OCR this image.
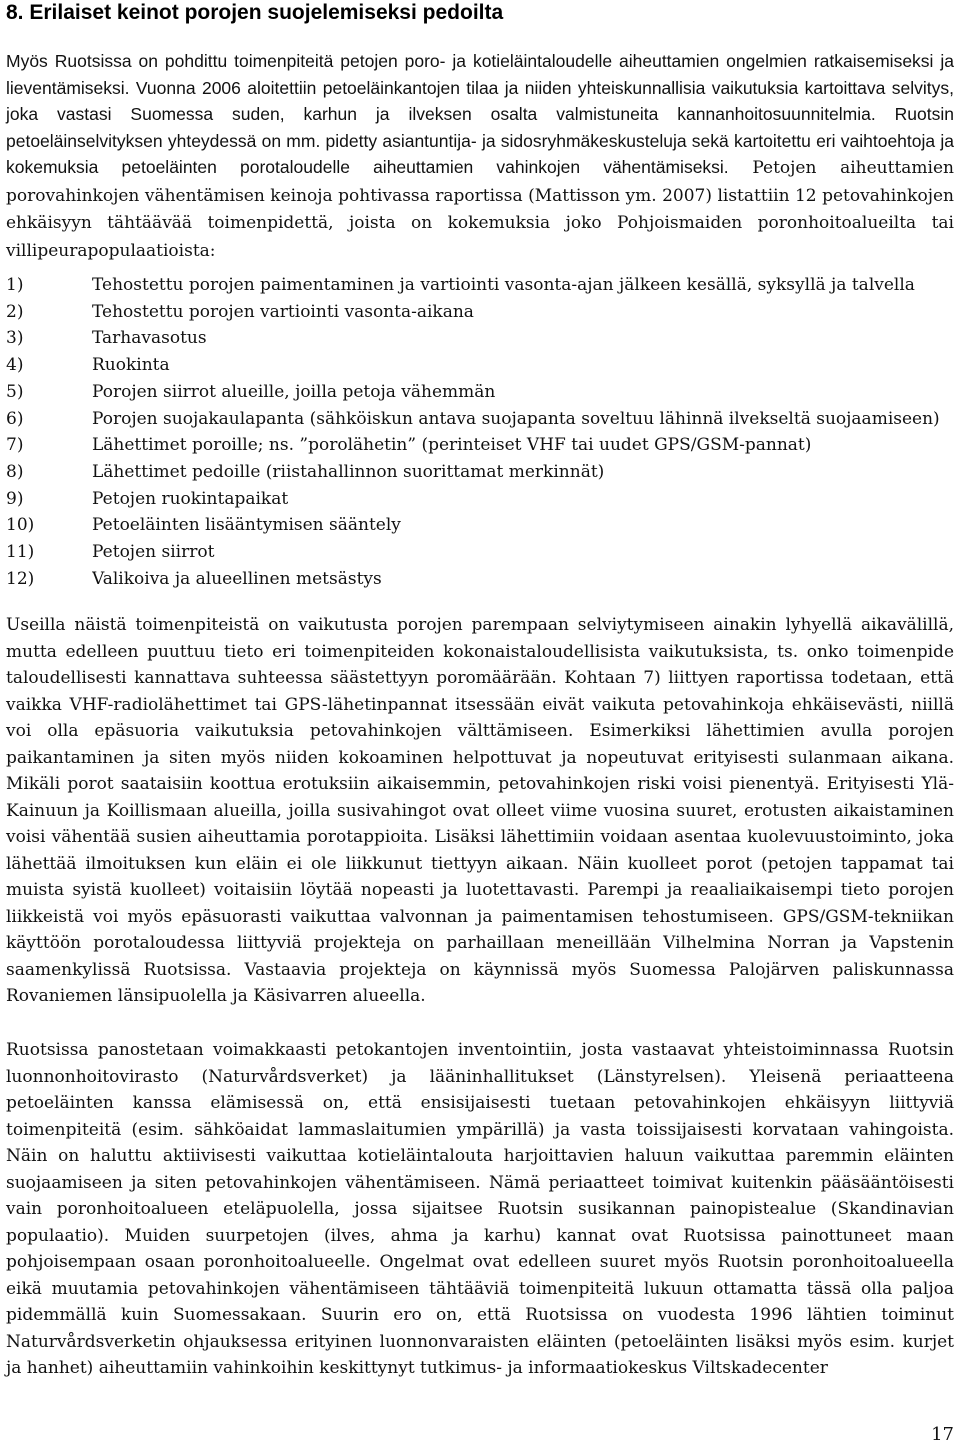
8. Erilaiset keinot porojen suojelemiseksi pedoilta

Myös Ruotsissa on pohdittu toimenpiteitä petojen poro- ja kotieläintaloudelle aiheuttamien ongelmien ratkaisemiseksi ja lieventämiseksi. Vuonna 2006 aloitettiin petoeläinkantojen tilaa ja niiden yhteiskunnallisia vaikutuksia kartoittava selvitys, joka vastasi Suomessa suden, karhun ja ilveksen osalta valmistuneita kannanhoitosuunnitelmia. Ruotsin petoeläinselvityksen yhteydessä on mm. pidetty asiantuntija- ja sidosryhmäkeskusteluja sekä kartoitettu eri vaihtoehtoja ja kokemuksia petoeläinten porotaloudelle aiheuttamien vahinkojen vähentämiseksi. Petojen aiheuttamien porovahinkojen vähentämisen keinoja pohtivassa raportissa (Mattisson ym. 2007) listattiin 12 petovahinkojen ehkäisyyn tähtäävää toimenpidettä, joista on kokemuksia joko Pohjoismaiden poronhoitoalueilta tai villipeurapopulaatioista:

1)	Tehostettu porojen paimentaminen ja vartiointi vasonta-ajan jälkeen kesällä, syksyllä ja talvella
2)	Tehostettu porojen vartiointi vasonta-aikana
3)	Tarhavasotus
4)	Ruokinta
5)	Porojen siirrot alueille, joilla petoja vähemmän
6)	Porojen suojakaulapanta (sähköiskun antava suojapanta soveltuu lähinnä ilvekseltä suojaamiseen)
7)	Lähettimet poroille; ns. ”porolähetin” (perinteiset VHF tai uudet GPS/GSM-pannat)
8)	Lähettimet pedoille (riistahallinnon suorittamat merkinnät)
9)	Petojen ruokintapaikat
10)	Petoeläinten lisääntymisen sääntely
11)	Petojen siirrot
12)	Valikoiva ja alueellinen metsästys

Useilla näistä toimenpiteistä on vaikutusta porojen parempaan selviytymiseen ainakin lyhyellä aikavälillä, mutta edelleen puuttuu tieto eri toimenpiteiden kokonaistaloudellisista vaikutuksista, ts. onko toimenpide taloudellisesti kannattava suhteessa säästettyyn poromäärään. Kohtaan 7) liittyen raportissa todetaan, että vaikka VHF-radiolähettimet tai GPS-lähetinpannat itsessään eivät vaikuta petovahinkoja ehkäisevästi, niillä voi olla epäsuoria vaikutuksia petovahinkojen välttämiseen. Esimerkiksi lähettimien avulla porojen paikantaminen ja siten myös niiden kokoaminen helpottuvat ja nopeutuvat erityisesti sulanmaan aikana. Mikäli porot saataisiin koottua erotuksiin aikaisemmin, petovahinkojen riski voisi pienentyä. Erityisesti Ylä-Kainuun ja Koillismaan alueilla, joilla susivahingot ovat olleet viime vuosina suuret, erotusten aikaistaminen voisi vähentää susien aiheuttamia porotappioita. Lisäksi lähettimiin voidaan asentaa kuolevuustoiminto, joka lähettää ilmoituksen kun eläin ei ole liikkunut tiettyyn aikaan. Näin kuolleet porot (petojen tappamat tai muista syistä kuolleet) voitaisiin löytää nopeasti ja luotettavasti. Parempi ja reaaliaikaisempi tieto porojen liikkeistä voi myös epäsuorasti vaikuttaa valvonnan ja paimentamisen tehostumiseen. GPS/GSM-tekniikan käyttöön porotaloudessa liittyviä projekteja on parhaillaan meneillään Vilhelmina Norran ja Vapstenin saamenkylissä Ruotsissa. Vastaavia projekteja on käynnissä myös Suomessa Palojärven paliskunnassa Rovaniemen länsipuolella ja Käsivarren alueella.

Ruotsissa panostetaan voimakkaasti petokantojen inventointiin, josta vastaavat yhteistoiminnassa Ruotsin luonnonhoitovirasto (Naturvårdsverket) ja lääninhallitukset (Länstyrelsen). Yleisenä periaatteena petoeläinten kanssa elämisessä on, että ensisijaisesti tuetaan petovahinkojen ehkäisyyn liittyviä toimenpiteitä (esim. sähköaidat lammaslaitumien ympärillä) ja vasta toissijaisesti korvataan vahingoista. Näin on haluttu aktiivisesti vaikuttaa kotieläintalouta harjoittavien haluun vaikuttaa paremmin eläinten suojaamiseen ja siten petovahinkojen vähentämiseen. Nämä periaatteet toimivat kuitenkin pääsääntöisesti vain poronhoitoalueen eteläpuolella, jossa sijaitsee Ruotsin susikannan painopistealue (Skandinavian populaatio). Muiden suurpetojen (ilves, ahma ja karhu) kannat ovat Ruotsissa painottuneet maan pohjoisempaan osaan poronhoitoalueelle. Ongelmat ovat edelleen suuret myös Ruotsin poronhoitoalueella eikä muutamia petovahinkojen vähentämiseen tähtääviä toimenpiteitä lukuun ottamatta tässä olla paljoa pidemmällä kuin Suomessakaan. Suurin ero on, että Ruotsissa on vuodesta 1996 lähtien toiminut Naturvårdsverketin ohjauksessa erityinen luonnonvaraisten eläinten (petoeläinten lisäksi myös esim. kurjet ja hanhet) aiheuttamiin vahinkoihin keskittynyt tutkimus- ja informaatiokeskus Viltskadecenter

17
